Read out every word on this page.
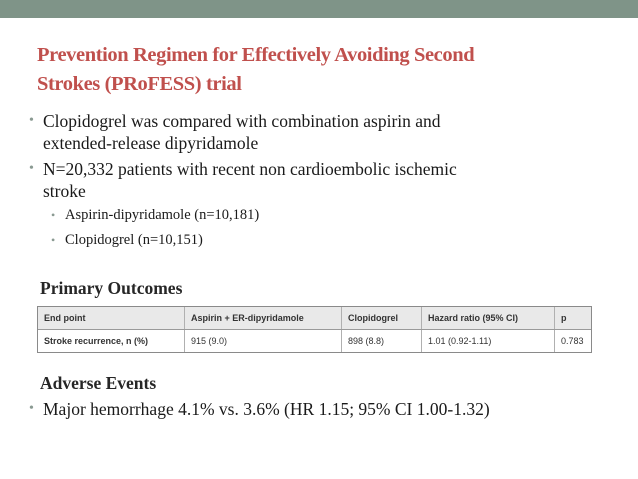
Prevention Regimen for Effectively Avoiding Second
Strokes (PRoFESS) trial
• Clopidogrel was compared with combination aspirin and
extended-release dipyridamole
• N=20,332 patients with recent non cardioembolic ischemic
stroke
• Aspirin-dipyridamole (n=10,181)
• Clopidogrel (n=10,151)
Primary Outcomes
End point	Aspirin + ER-dipyridamole	Clopidogrel	Hazard ratio (95% CI)	p
Stroke recurrence, n (%)	915 (9.0)	898 (8.8)	1.01 (0.92-1.11)	0.783
Adverse Events
• Major hemorrhage 4.1% vs. 3.6% (HR 1.15; 95% CI 1.00-1.32)
